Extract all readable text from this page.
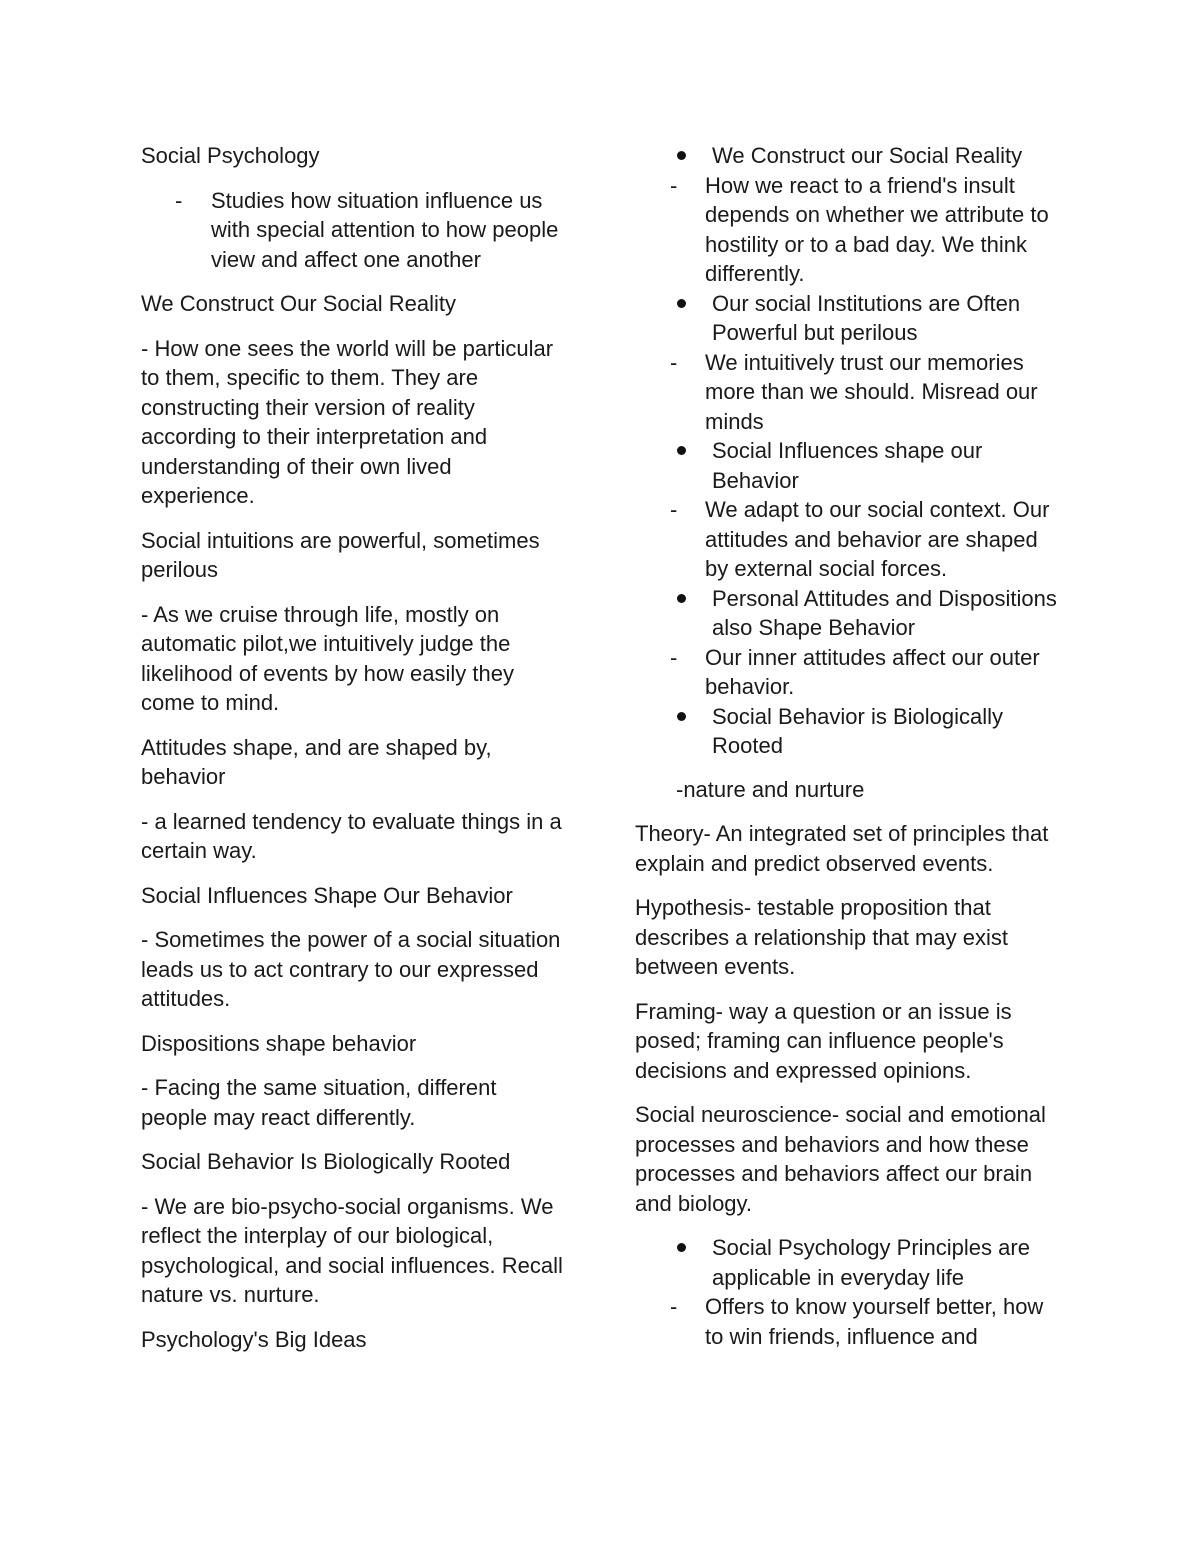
Social Psychology

- Studies how situation influence us with special attention to how people view and affect one another

We Construct Our Social Reality

- How one sees the world will be particular to them, specific to them. They are constructing their version of reality according to their interpretation and understanding of their own lived experience.

Social intuitions are powerful, sometimes perilous

- As we cruise through life, mostly on automatic pilot,we intuitively judge the likelihood of events by how easily they come to mind.

Attitudes shape, and are shaped by, behavior

- a learned tendency to evaluate things in a certain way.

Social Influences Shape Our Behavior

- Sometimes the power of a social situation leads us to act contrary to our expressed attitudes.

Dispositions shape behavior

- Facing the same situation, different people may react differently.

Social Behavior Is Biologically Rooted

- We are bio-psycho-social organisms. We reflect the interplay of our biological, psychological, and social influences. Recall nature vs. nurture.

Psychology's Big Ideas

We Construct our Social Reality
- How we react to a friend's insult depends on whether we attribute to hostility or to a bad day. We think differently.
Our social Institutions are Often Powerful but perilous
- We intuitively trust our memories more than we should. Misread our minds
Social Influences shape our Behavior
- We adapt to our social context. Our attitudes and behavior are shaped by external social forces.
Personal Attitudes and Dispositions also Shape Behavior
- Our inner attitudes affect our outer behavior.
Social Behavior is Biologically Rooted

-nature and nurture

Theory- An integrated set of principles that explain and predict observed events.

Hypothesis- testable proposition that describes a relationship that may exist between events.

Framing- way a question or an issue is posed; framing can influence people's decisions and expressed opinions.

Social neuroscience- social and emotional processes and behaviors and how these processes and behaviors affect our brain and biology.

Social Psychology Principles are applicable in everyday life
- Offers to know yourself better, how to win friends, influence and
